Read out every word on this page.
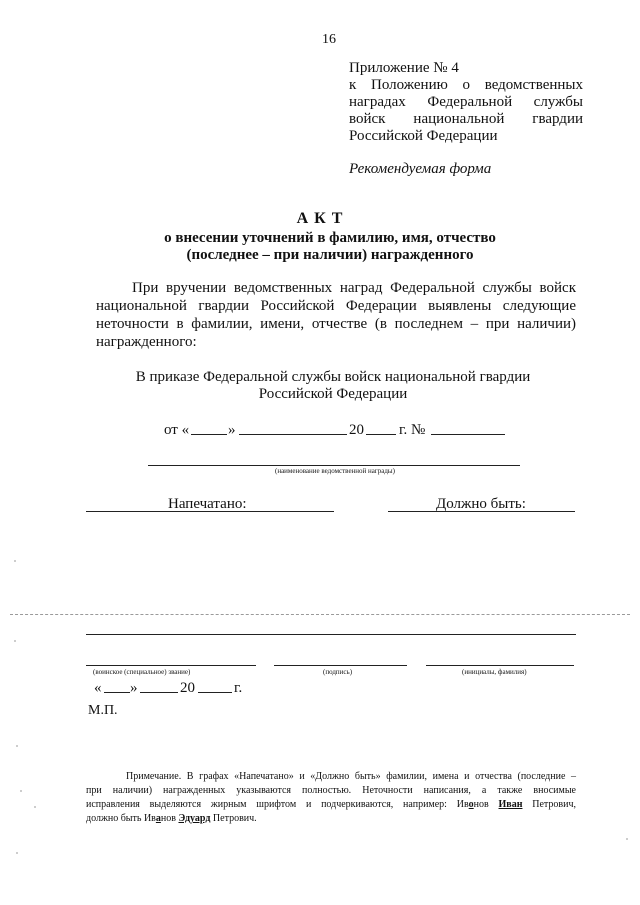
16
Приложение № 4
к Положению о ведомственных
наградах Федеральной службы
войск национальной гвардии
Российской Федерации
Рекомендуемая форма
А К Т
о внесении уточнений в фамилию, имя, отчество
(последнее – при наличии) награжденного
При вручении ведомственных наград Федеральной службы войск
национальной гвардии Российской Федерации выявлены следующие
неточности в фамилии, имени, отчестве (в последнем – при наличии)
награжденного:
В приказе Федеральной службы войск национальной гвардии
Российской Федерации
от «	»	20 г. №
(наименование ведомственной награды)
Напечатано:	Должно быть:
(воинское (специальное) звание)	(подпись)	(инициалы, фамилия)
« »	20	г.
М.П.
Примечание. В графах «Напечатано» и «Должно быть» фамилии, имена и отчества (последние –
при наличии) награжденных указываются полностью. Неточности написания, а также вносимые
исправления выделяются жирным шрифтом и подчеркиваются, например: Ивонов Иван Петрович,
должно быть Иванов Эдуард Петрович.
